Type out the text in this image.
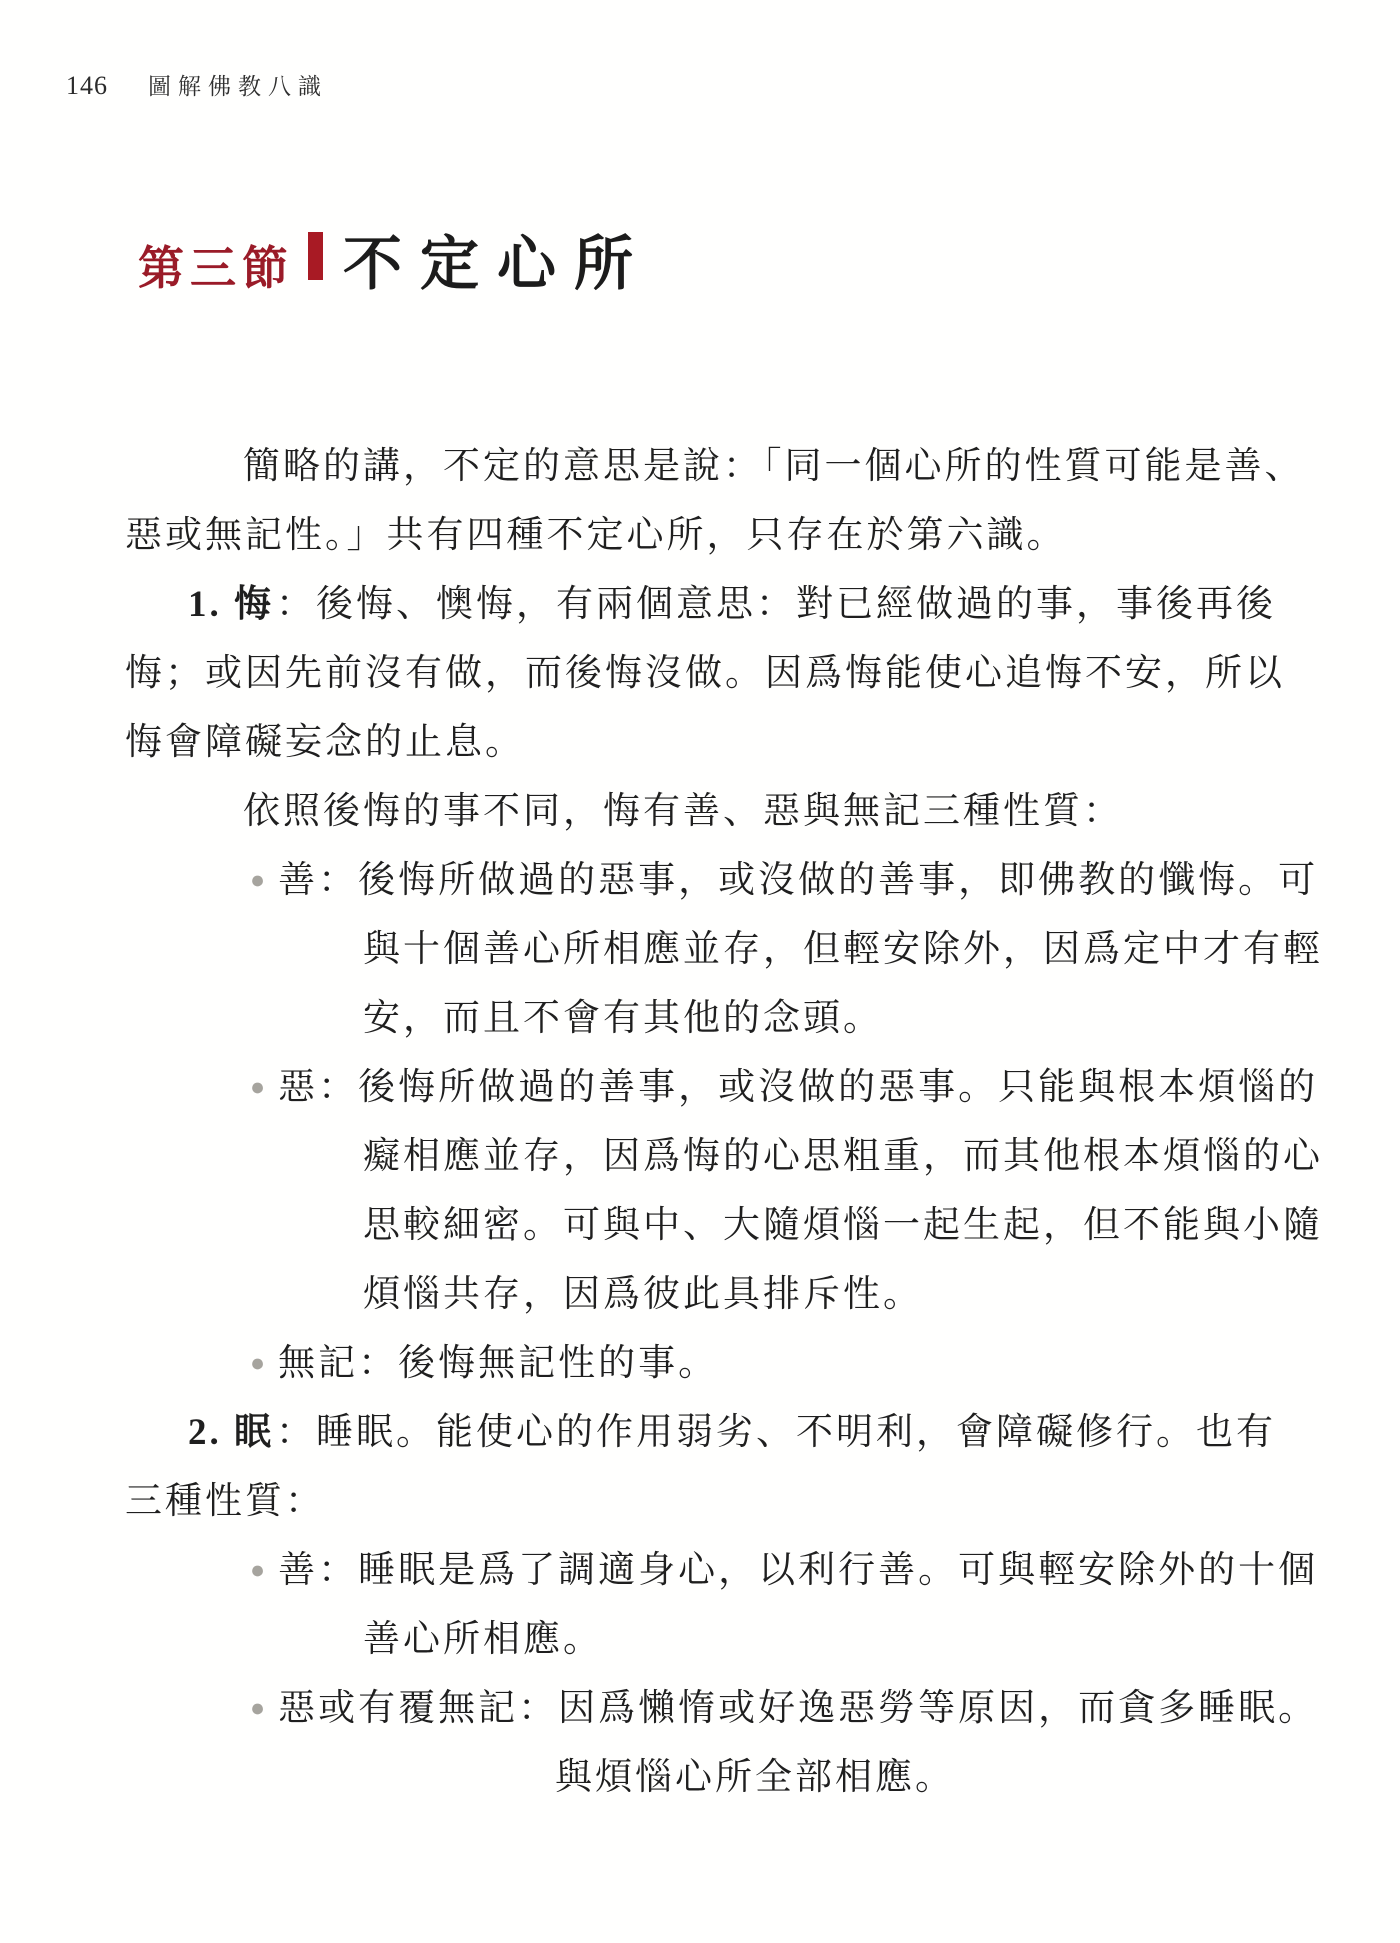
146 圖解佛教八識
第三節 不定心所
簡略的講，不定的意思是說：「同一個心所的性質可能是善、
惡或無記性。」共有四種不定心所，只存在於第六識。
1. 悔：後悔、懊悔，有兩個意思：對已經做過的事，事後再後
悔；或因先前沒有做，而後悔沒做。因爲悔能使心追悔不安，所以
悔會障礙妄念的止息。
依照後悔的事不同，悔有善、惡與無記三種性質：
● 善：後悔所做過的惡事，或沒做的善事，即佛教的懺悔。可
與十個善心所相應並存，但輕安除外，因爲定中才有輕
安，而且不會有其他的念頭。
● 惡：後悔所做過的善事，或沒做的惡事。只能與根本煩惱的
癡相應並存，因爲悔的心思粗重，而其他根本煩惱的心
思較細密。可與中、大隨煩惱一起生起，但不能與小隨
煩惱共存，因爲彼此具排斥性。
● 無記：後悔無記性的事。
2. 眠：睡眠。能使心的作用弱劣、不明利，會障礙修行。也有
三種性質：
● 善：睡眠是爲了調適身心，以利行善。可與輕安除外的十個
善心所相應。
● 惡或有覆無記：因爲懶惰或好逸惡勞等原因，而貪多睡眠。
與煩惱心所全部相應。
